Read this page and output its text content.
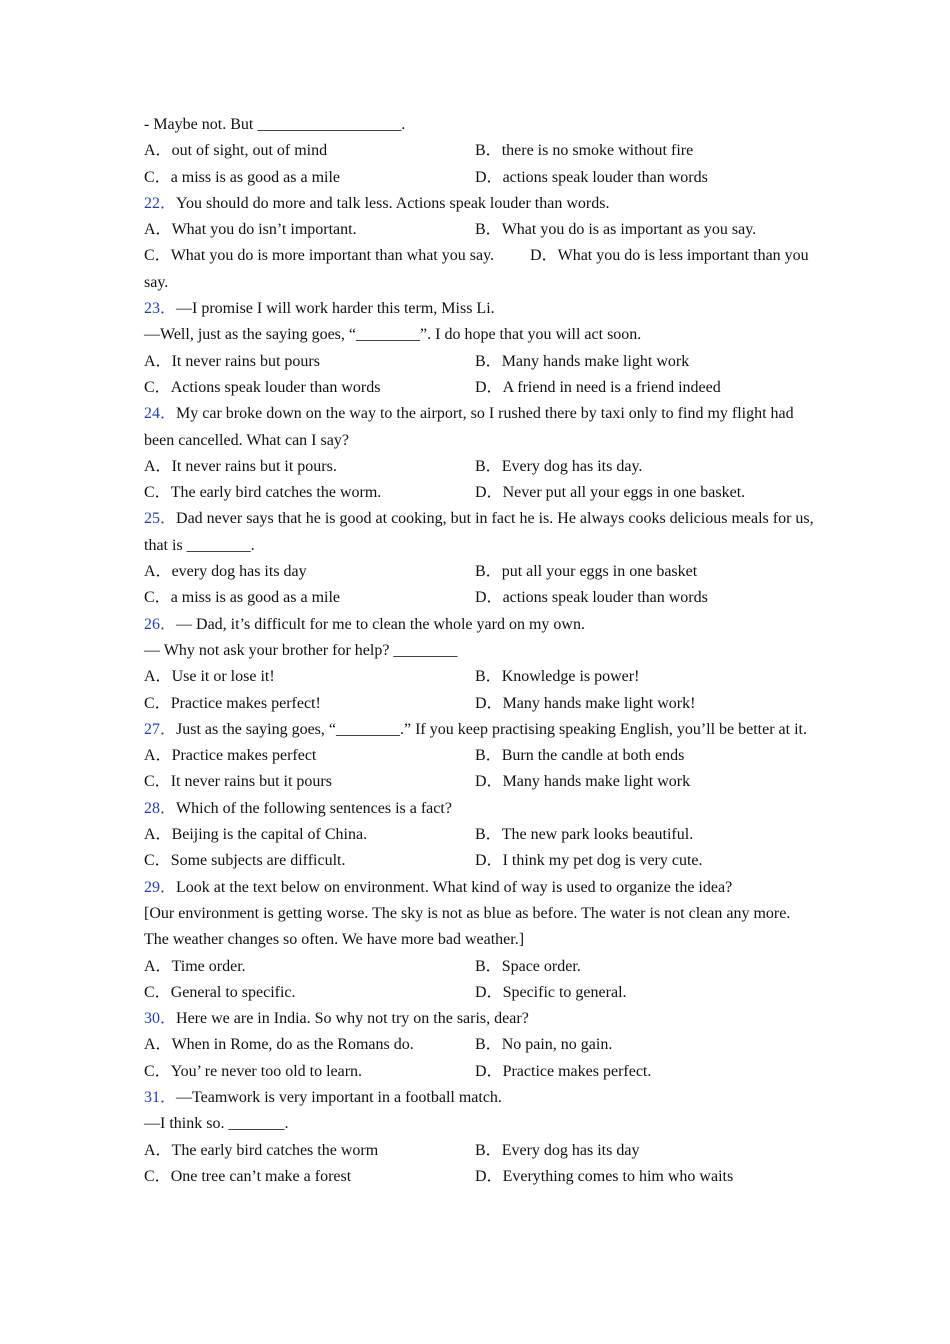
- Maybe not. But __________________.
A．out of sight, out of mind	B．there is no smoke without fire
C．a miss is as good as a mile	D．actions speak louder than words
22．You should do more and talk less. Actions speak louder than words.
A．What you do isn’t important.	B．What you do is as important as you say.
C．What you do is more important than what you say. D．What you do is less important than you say.
23．—I promise I will work harder this term, Miss Li.
—Well, just as the saying goes, “________”. I do hope that you will act soon.
A．It never rains but pours	B．Many hands make light work
C．Actions speak louder than words	D．A friend in need is a friend indeed
24．My car broke down on the way to the airport, so I rushed there by taxi only to find my flight had been cancelled. What can I say?
A．It never rains but it pours.	B．Every dog has its day.
C．The early bird catches the worm.	D．Never put all your eggs in one basket.
25．Dad never says that he is good at cooking, but in fact he is. He always cooks delicious meals for us, that is ________.
A．every dog has its day	B．put all your eggs in one basket
C．a miss is as good as a mile	D．actions speak louder than words
26．— Dad, it’s difficult for me to clean the whole yard on my own.
— Why not ask your brother for help? ________
A．Use it or lose it!	B．Knowledge is power!
C．Practice makes perfect!	D．Many hands make light work!
27．Just as the saying goes, “________.” If you keep practising speaking English, you’ll be better at it.
A．Practice makes perfect	B．Burn the candle at both ends
C．It never rains but it pours	D．Many hands make light work
28．Which of the following sentences is a fact?
A．Beijing is the capital of China.	B．The new park looks beautiful.
C．Some subjects are difficult.	D．I think my pet dog is very cute.
29．Look at the text below on environment. What kind of way is used to organize the idea?
[Our environment is getting worse. The sky is not as blue as before. The water is not clean any more. The weather changes so often. We have more bad weather.]
A．Time order.	B．Space order.
C．General to specific.	D．Specific to general.
30．Here we are in India. So why not try on the saris, dear?
A．When in Rome, do as the Romans do.	B．No pain, no gain.
C．You’ re never too old to learn.	D．Practice makes perfect.
31．—Teamwork is very important in a football match.
—I think so. _______.
A．The early bird catches the worm	B．Every dog has its day
C．One tree can’t make a forest	D．Everything comes to him who waits
